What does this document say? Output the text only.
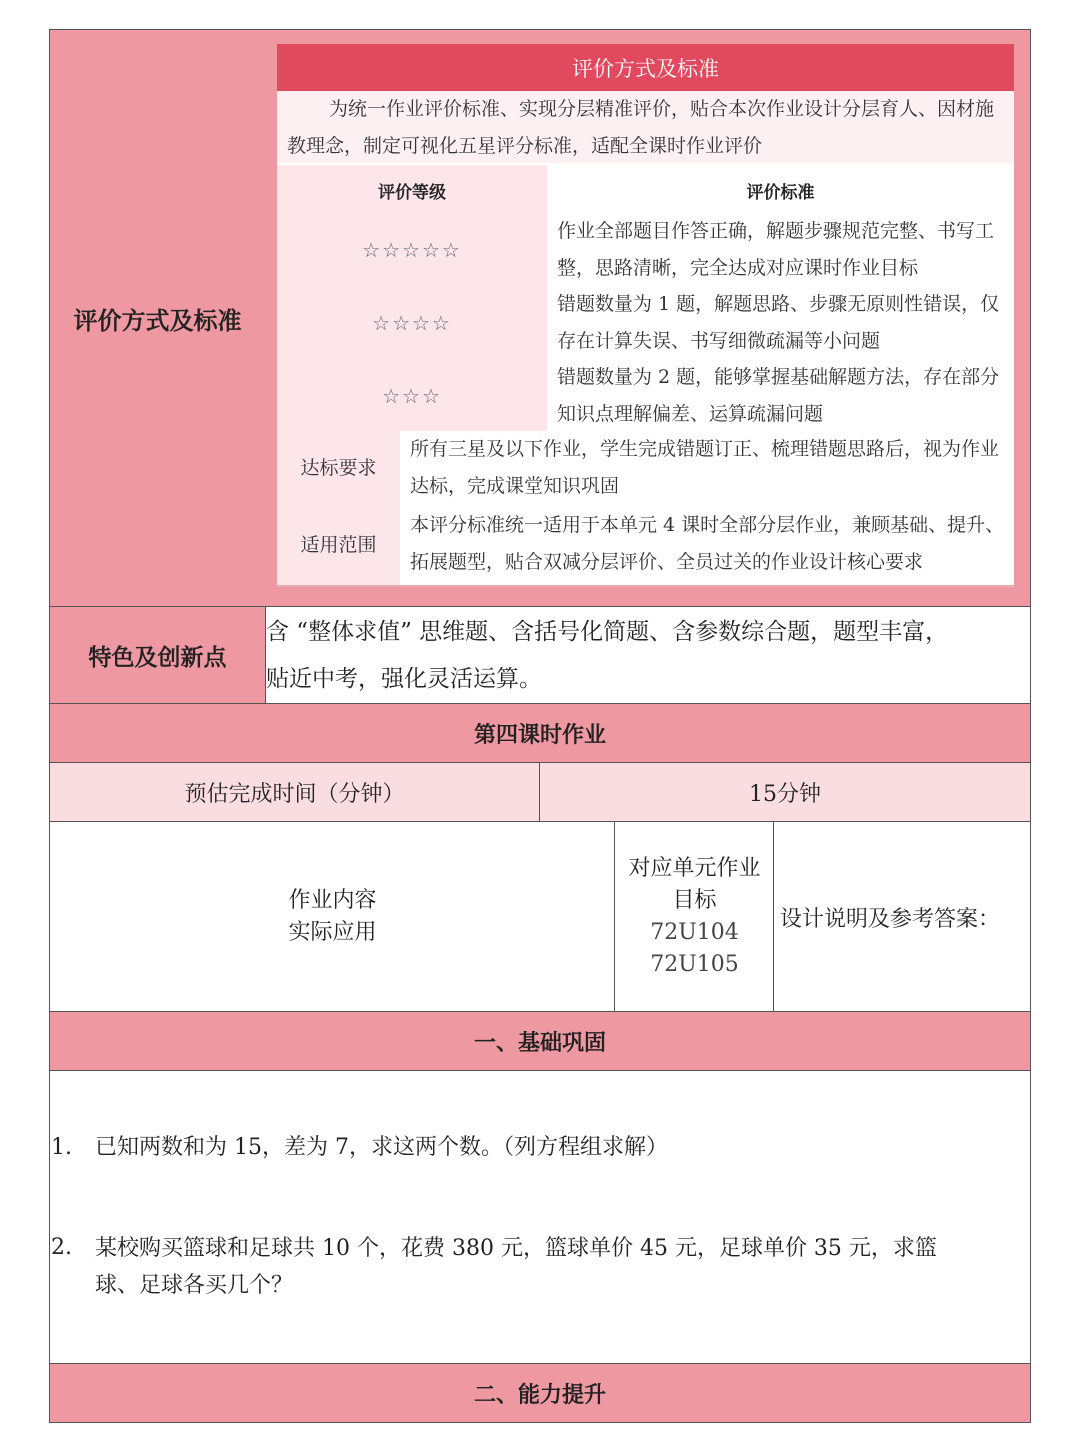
评价方式及标准
评价方式及标准
为统一作业评价标准、实现分层精准评价，贴合本次作业设计分层育人、因材施教理念，制定可视化五星评分标准，适配全课时作业评价
评价等级	评价标准
☆☆☆☆☆
作业全部题目作答正确，解题步骤规范完整、书写工整，思路清晰，完全达成对应课时作业目标
☆☆☆☆
错题数量为 1 题，解题思路、步骤无原则性错误，仅存在计算失误、书写细微疏漏等小问题
☆☆☆
错题数量为 2 题，能够掌握基础解题方法，存在部分知识点理解偏差、运算疏漏问题
达标要求
所有三星及以下作业，学生完成错题订正、梳理错题思路后，视为作业达标，完成课堂知识巩固
适用范围
本评分标准统一适用于本单元 4 课时全部分层作业，兼顾基础、提升、拓展题型，贴合双减分层评价、全员过关的作业设计核心要求
特色及创新点
含 “整体求值” 思维题、含括号化简题、含参数综合题，题型丰富，
贴近中考，强化灵活运算。
第四课时作业
预估完成时间（分钟）	15分钟
作业内容
实际应用
对应单元作业
目标
72U104
72U105
设计说明及参考答案：
一、基础巩固
1. 已知两数和为 15，差为 7，求这两个数。（列方程组求解）
2. 某校购买篮球和足球共 10 个，花费 380 元，篮球单价 45 元，足球单价 35 元，求篮
球、足球各买几个？
二、能力提升
